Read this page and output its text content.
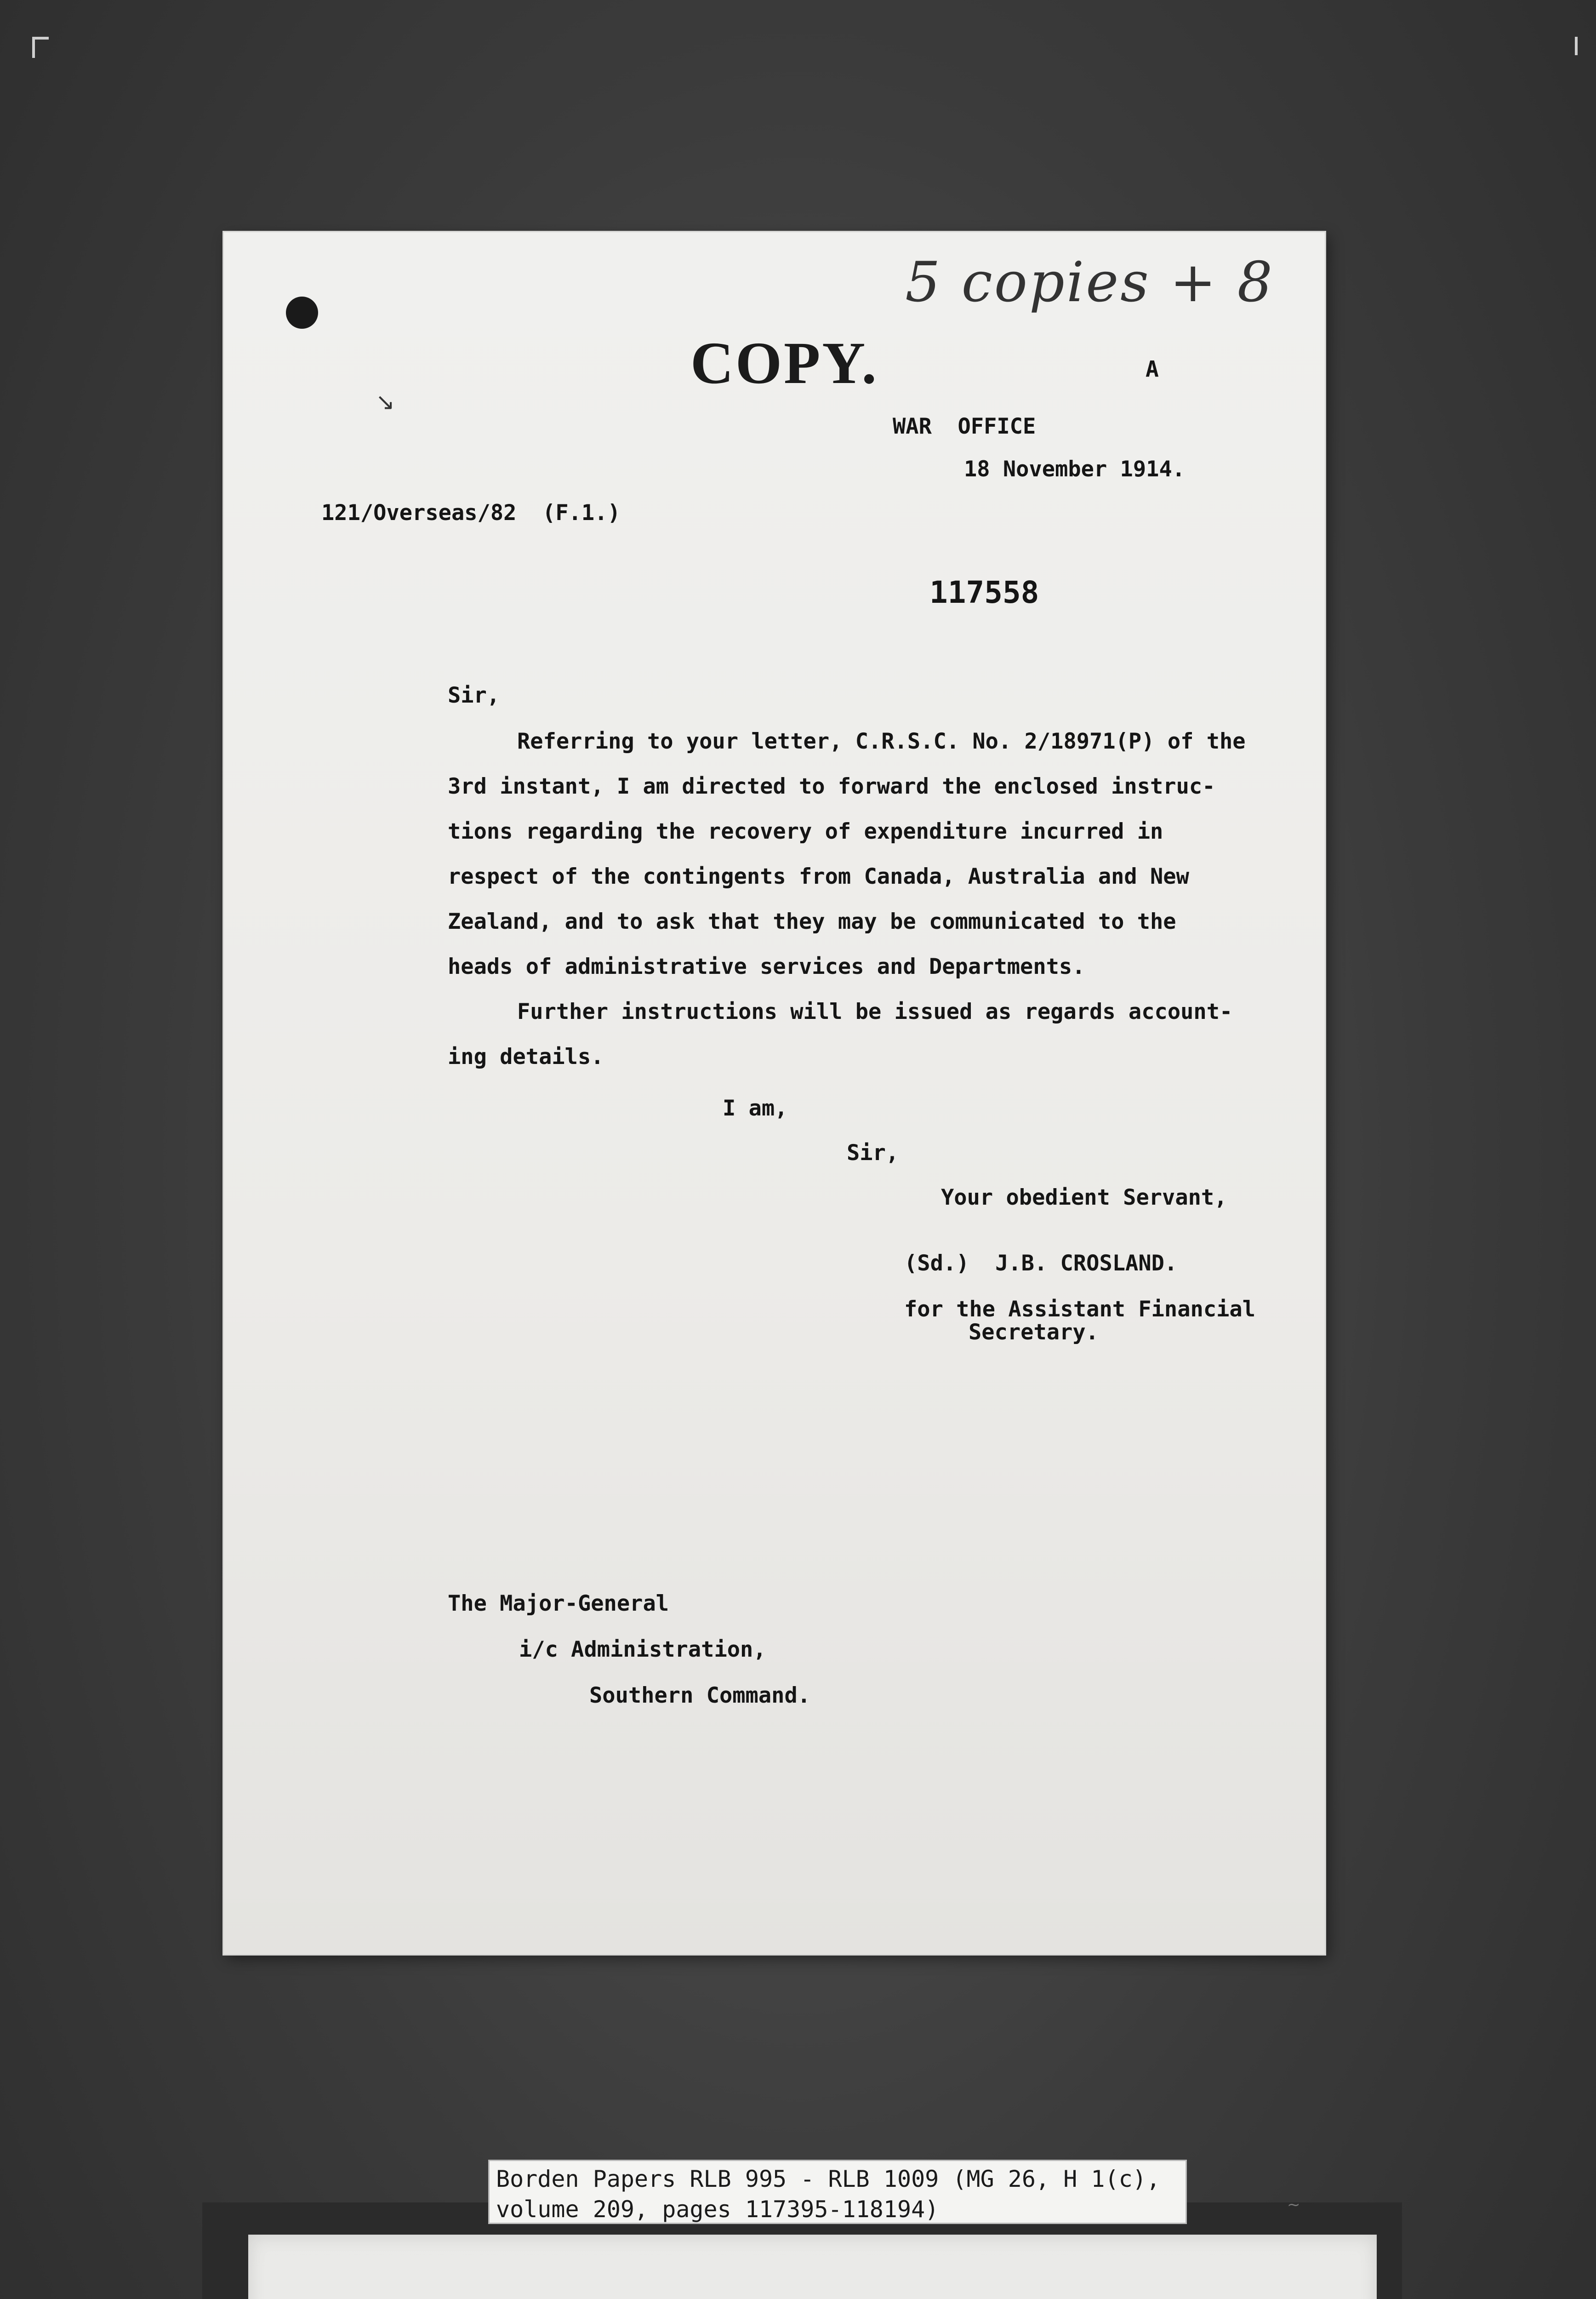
↘
5 copies + 8
COPY.	A
WAR  OFFICE
18 November 1914.
121/Overseas/82  (F.1.)
117558
Sir,
Referring to your letter, C.R.S.C. No. 2/18971(P) of the
3rd instant, I am directed to forward the enclosed instruc-
tions regarding the recovery of expenditure incurred in
respect of the contingents from Canada, Australia and New
Zealand, and to ask that they may be communicated to the
heads of administrative services and Departments.
Further instructions will be issued as regards account-
ing details.
I am,
Sir,
Your obedient Servant,
(Sd.)  J.B. CROSLAND.
for the Assistant Financial
Secretary.
The Major-General
i/c Administration,
Southern Command.
~
Borden Papers RLB 995 - RLB 1009 (MG 26, H 1(c),
volume 209, pages 117395-118194)
